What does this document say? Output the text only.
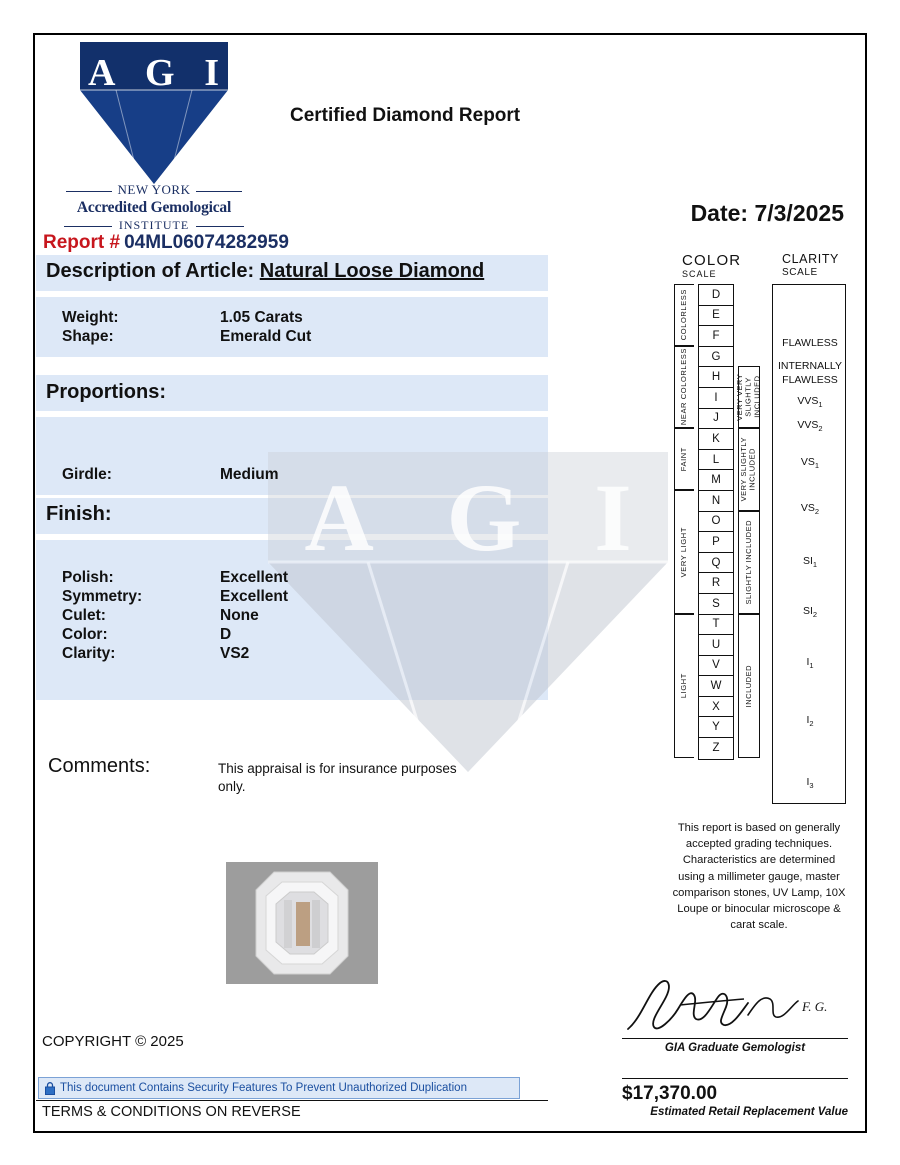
A G I
NEW YORK
Accredited Gemological
INSTITUTE
Certified Diamond Report
Date: 7/3/2025
Report # 04ML06074282959
A G I
Description of Article: Natural Loose Diamond
Proportions:
Finish:
Weight:	1.05 Carats
Shape:	Emerald Cut
Girdle:	Medium
Polish:	Excellent
Symmetry:	Excellent
Culet:	None
Color:	D
Clarity:	VS2
Comments:	This appraisal is for insurance purposes only.
COLOR
SCALE
CLARITY
SCALE
COLORLESS
NEAR COLORLESS
FAINT
VERY LIGHT
LIGHT
D
E
F
G
H
I
J
K
L
M
N
O
P
Q
R
S
T
U
V
W
X
Y
Z
VERY VERY SLIGHTLY INCLUDED
VERY SLIGHTLY INCLUDED
SLIGHTLY INCLUDED
INCLUDED
FLAWLESS
INTERNALLY
FLAWLESS
$VVS_1$
$VVS_2$
$VS_1$
$VS_2$
$SI_1$
$SI_2$
$I_1$
$I_2$
$I_3$
This report is based on generally accepted grading techniques. Characteristics are determined using a millimeter gauge, master comparison stones, UV Lamp, 10X Loupe or binocular microscope & carat scale.
F. G.
GIA Graduate Gemologist
$17,370.00
Estimated Retail Replacement Value
COPYRIGHT © 2025
This document Contains Security Features To Prevent Unauthorized Duplication
TERMS & CONDITIONS ON REVERSE
